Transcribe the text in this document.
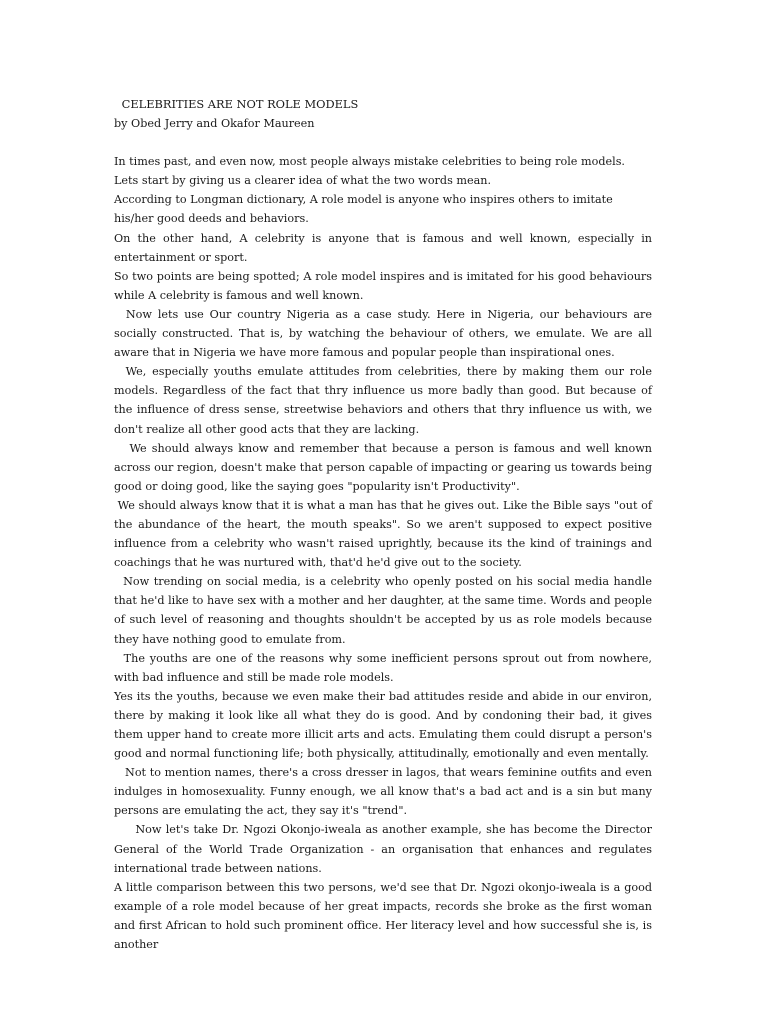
CELEBRITIES ARE NOT ROLE MODELS

by Obed Jerry and Okafor Maureen

In times past, and even now, most people always mistake celebrities to being role models.

Lets start by giving us a clearer idea of what the two words mean.

According to Longman dictionary, A role model is anyone who inspires others to imitate his/her good deeds and behaviors.

On the other hand, A celebrity is anyone that is famous and well known, especially in entertainment or sport.

So two points are being spotted; A role model inspires and is imitated for his good behaviours while A celebrity is famous and well known.

Now lets use Our country Nigeria as a case study. Here in Nigeria, our behaviours are socially constructed. That is, by watching the behaviour of others, we emulate. We are all aware that in Nigeria we have more famous and popular people than inspirational ones.

We, especially youths emulate attitudes from celebrities, there by making them our role models. Regardless of the fact that thry influence us more badly than good. But because of the influence of dress sense, streetwise behaviors and others that thry influence us with, we don't realize all other good acts that they are lacking.

We should always know and remember that because a person is famous and well known across our region, doesn't make that person capable of impacting or gearing us towards being good or doing good, like the saying goes "popularity isn't Productivity".

We should always know that it is what a man has that he gives out. Like the Bible says "out of the abundance of the heart, the mouth speaks". So we aren't supposed to expect positive influence from a celebrity who wasn't raised uprightly, because its the kind of trainings and coachings that he was nurtured with, that'd he'd give out to the society.

Now trending on social media, is a celebrity who openly posted on his social media handle that he'd like to have sex with a mother and her daughter, at the same time. Words and people of such level of reasoning and thoughts shouldn't be accepted by us as role models because they have nothing good to emulate from.

The youths are one of the reasons why some inefficient persons sprout out from nowhere, with bad influence and still be made role models.

Yes its the youths, because we even make their bad attitudes reside and abide in our environ, there by making it look like all what they do is good. And by condoning their bad, it gives them upper hand to create more illicit arts and acts. Emulating them could disrupt a person's good and normal functioning life; both physically, attitudinally, emotionally and even mentally.

Not to mention names, there's a cross dresser in lagos, that wears feminine outfits and even indulges in homosexuality. Funny enough, we all know that's a bad act and is a sin but many persons are emulating the act, they say it's "trend".

Now let's take Dr. Ngozi Okonjo-iweala as another example, she has become the Director General of the World Trade Organization - an organisation that enhances and regulates international trade between nations.

A little comparison between this two persons, we'd see that Dr. Ngozi okonjo-iweala is a good example of a role model because of her great impacts, records she broke as the first woman and first African to hold such prominent office. Her literacy level and how successful she is, is another
